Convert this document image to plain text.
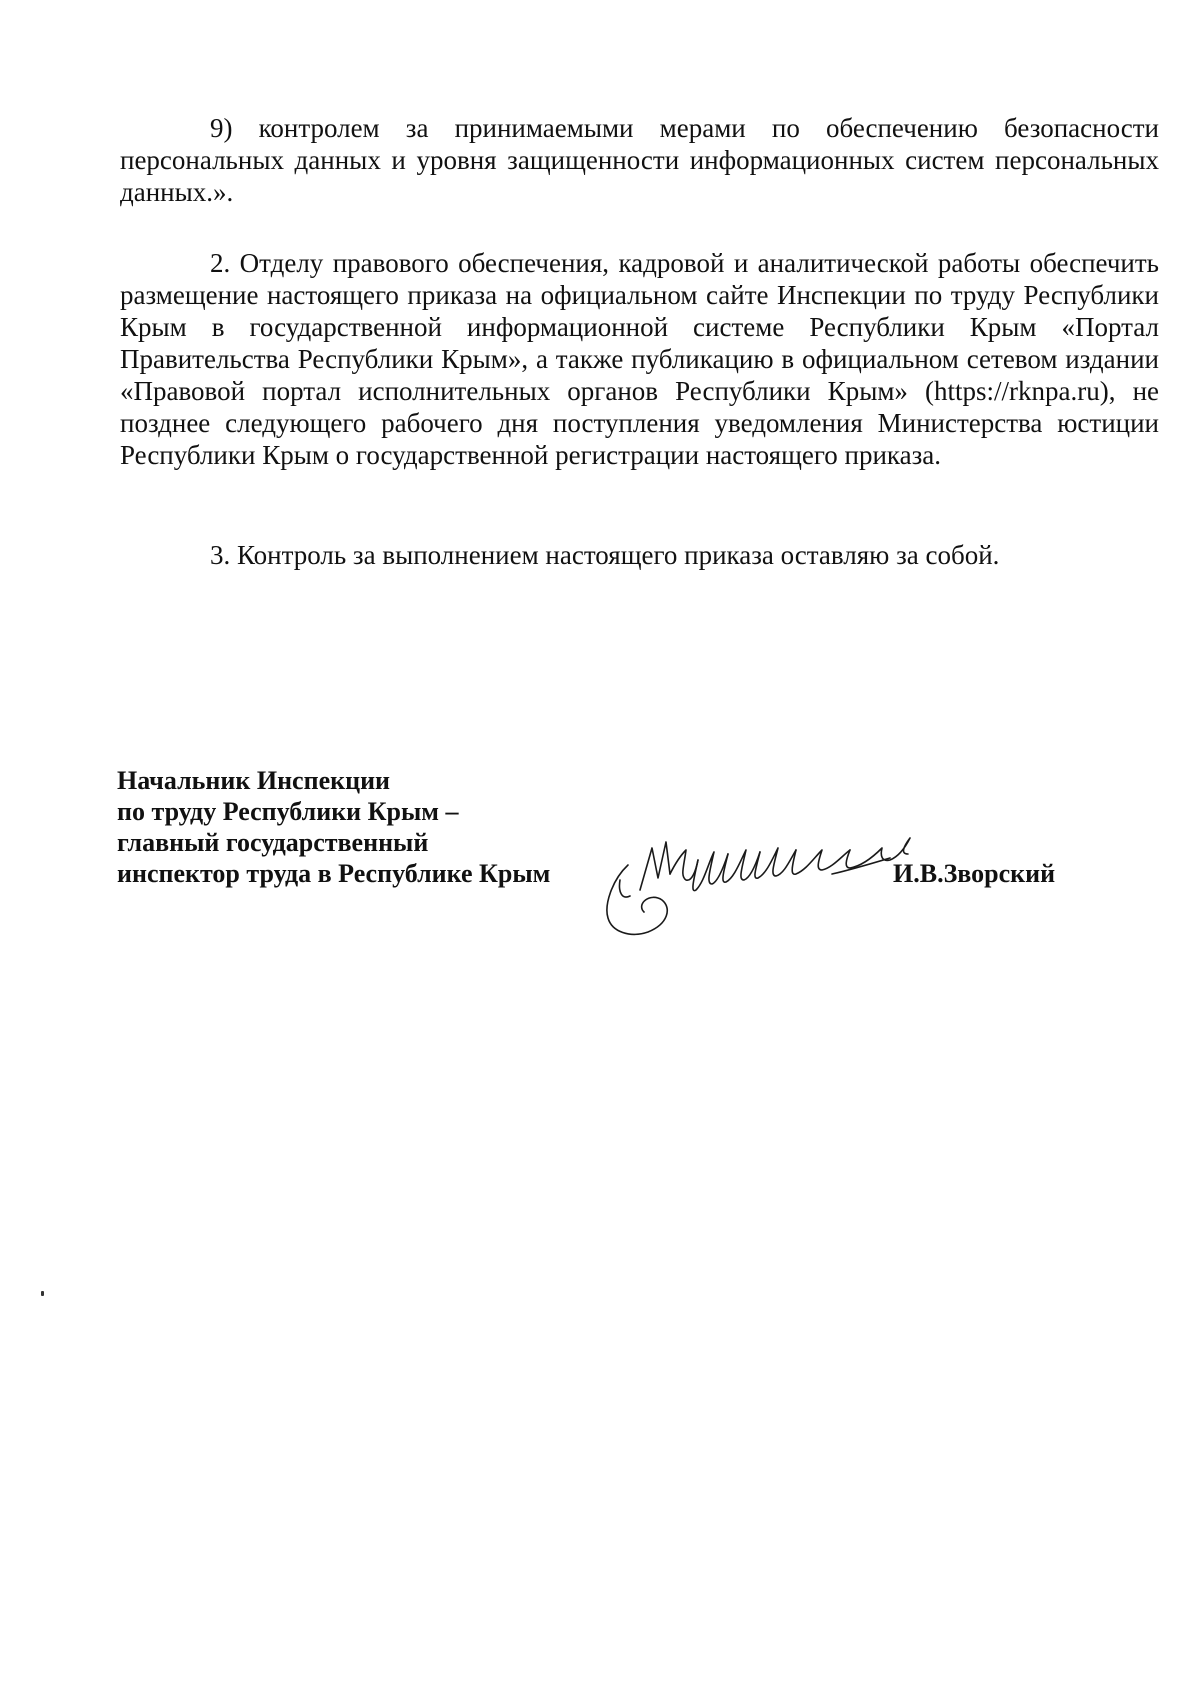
9) контролем за принимаемыми мерами по обеспечению безопасности персональных данных и уровня защищенности информационных систем персональных данных.».

2. Отделу правового обеспечения, кадровой и аналитической работы обеспечить размещение настоящего приказа на официальном сайте Инспекции по труду Республики Крым в государственной информационной системе Республики Крым «Портал Правительства Республики Крым», а также публикацию в официальном сетевом издании «Правовой портал исполнительных органов Республики Крым» (https://rknpa.ru), не позднее следующего рабочего дня поступления уведомления Министерства юстиции Республики Крым о государственной регистрации настоящего приказа.

3. Контроль за выполнением настоящего приказа оставляю за собой.

Начальник Инспекции
по труду Республики Крым –
главный государственный
инспектор труда в Республике Крым	И.В.Зворский
